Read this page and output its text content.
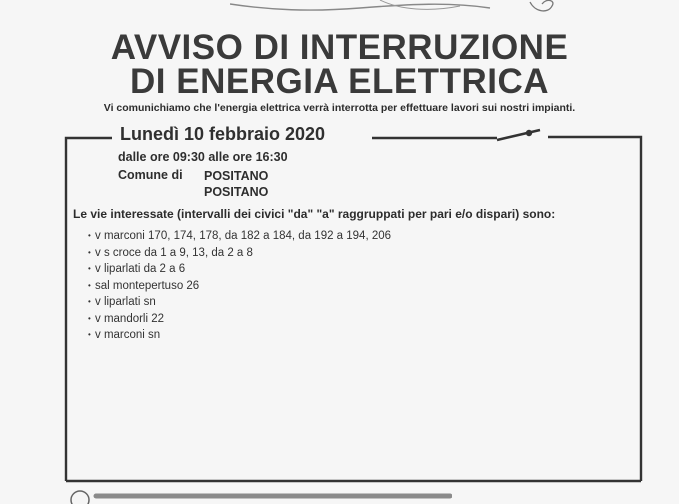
AVVISO DI INTERRUZIONE
DI ENERGIA ELETTRICA
Vi comunichiamo che l'energia elettrica verrà interrotta per effettuare lavori sui nostri impianti.
Lunedì 10 febbraio 2020
dalle ore 09:30 alle ore 16:30
Comune di POSITANO
POSITANO
Le vie interessate (intervalli dei civici "da" "a" raggruppati per pari e/o dispari) sono:
• v marconi 170, 174, 178, da 182 a 184, da 192 a 194, 206
• v s croce da 1 a 9, 13, da 2 a 8
• v liparlati da 2 a 6
• sal montepertuso 26
• v liparlati sn
• v mandorli 22
• v marconi sn
